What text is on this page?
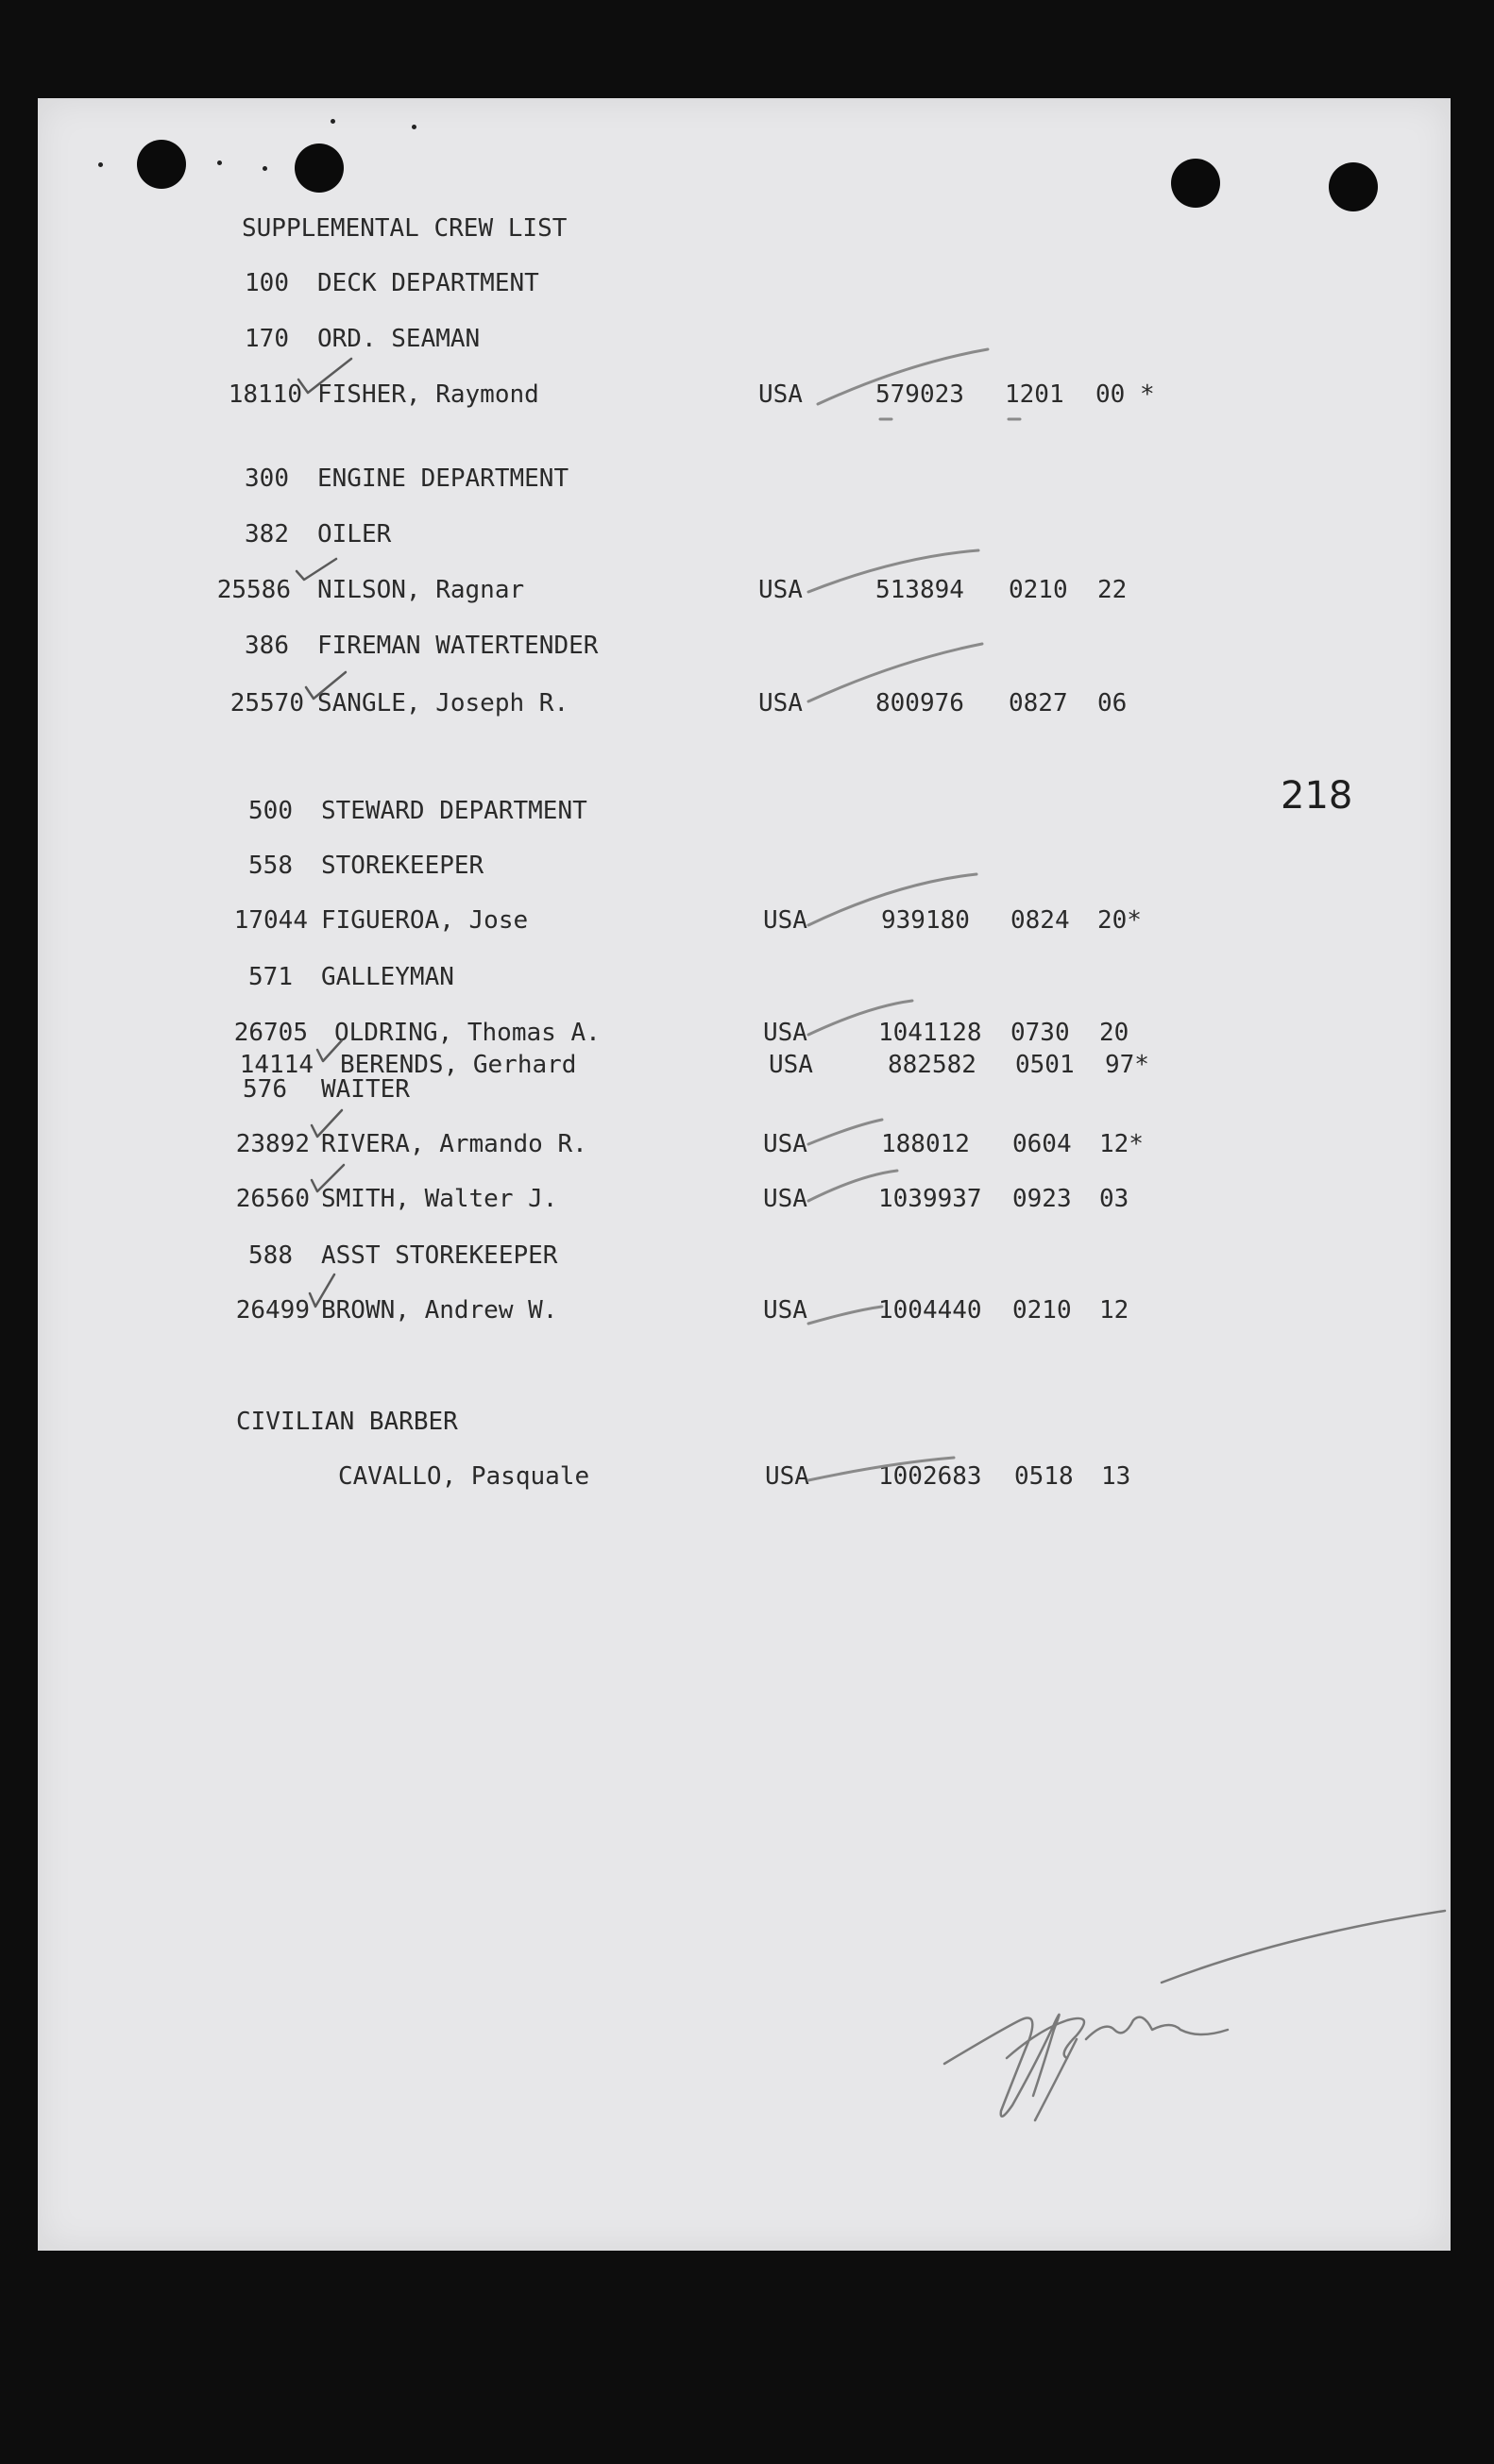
SUPPLEMENTAL CREW LIST
100 DECK DEPARTMENT
170 ORD. SEAMAN
18110 FISHER, Raymond	USA	579023 1201 00 *
300 ENGINE DEPARTMENT
382 OILER
25586 NILSON, Ragnar	USA	513894 0210 22
386 FIREMAN WATERTENDER
25570 SANGLE, Joseph R.	USA	800976 0827 06
218
500 STEWARD DEPARTMENT
558 STOREKEEPER
17044 FIGUEROA, Jose	USA	939180 0824 20*
571 GALLEYMAN
26705 OLDRING, Thomas A.	USA	1041128 0730 20
14114 BERENDS, Gerhard	USA	882582 0501 97*
576 WAITER
23892 RIVERA, Armando R.	USA	188012 0604 12*
26560 SMITH, Walter J.	USA	1039937 0923 03
588 ASST STOREKEEPER
26499 BROWN, Andrew W.	USA	1004440 0210 12
CIVILIAN BARBER
CAVALLO, Pasquale	USA	1002683 0518 13
